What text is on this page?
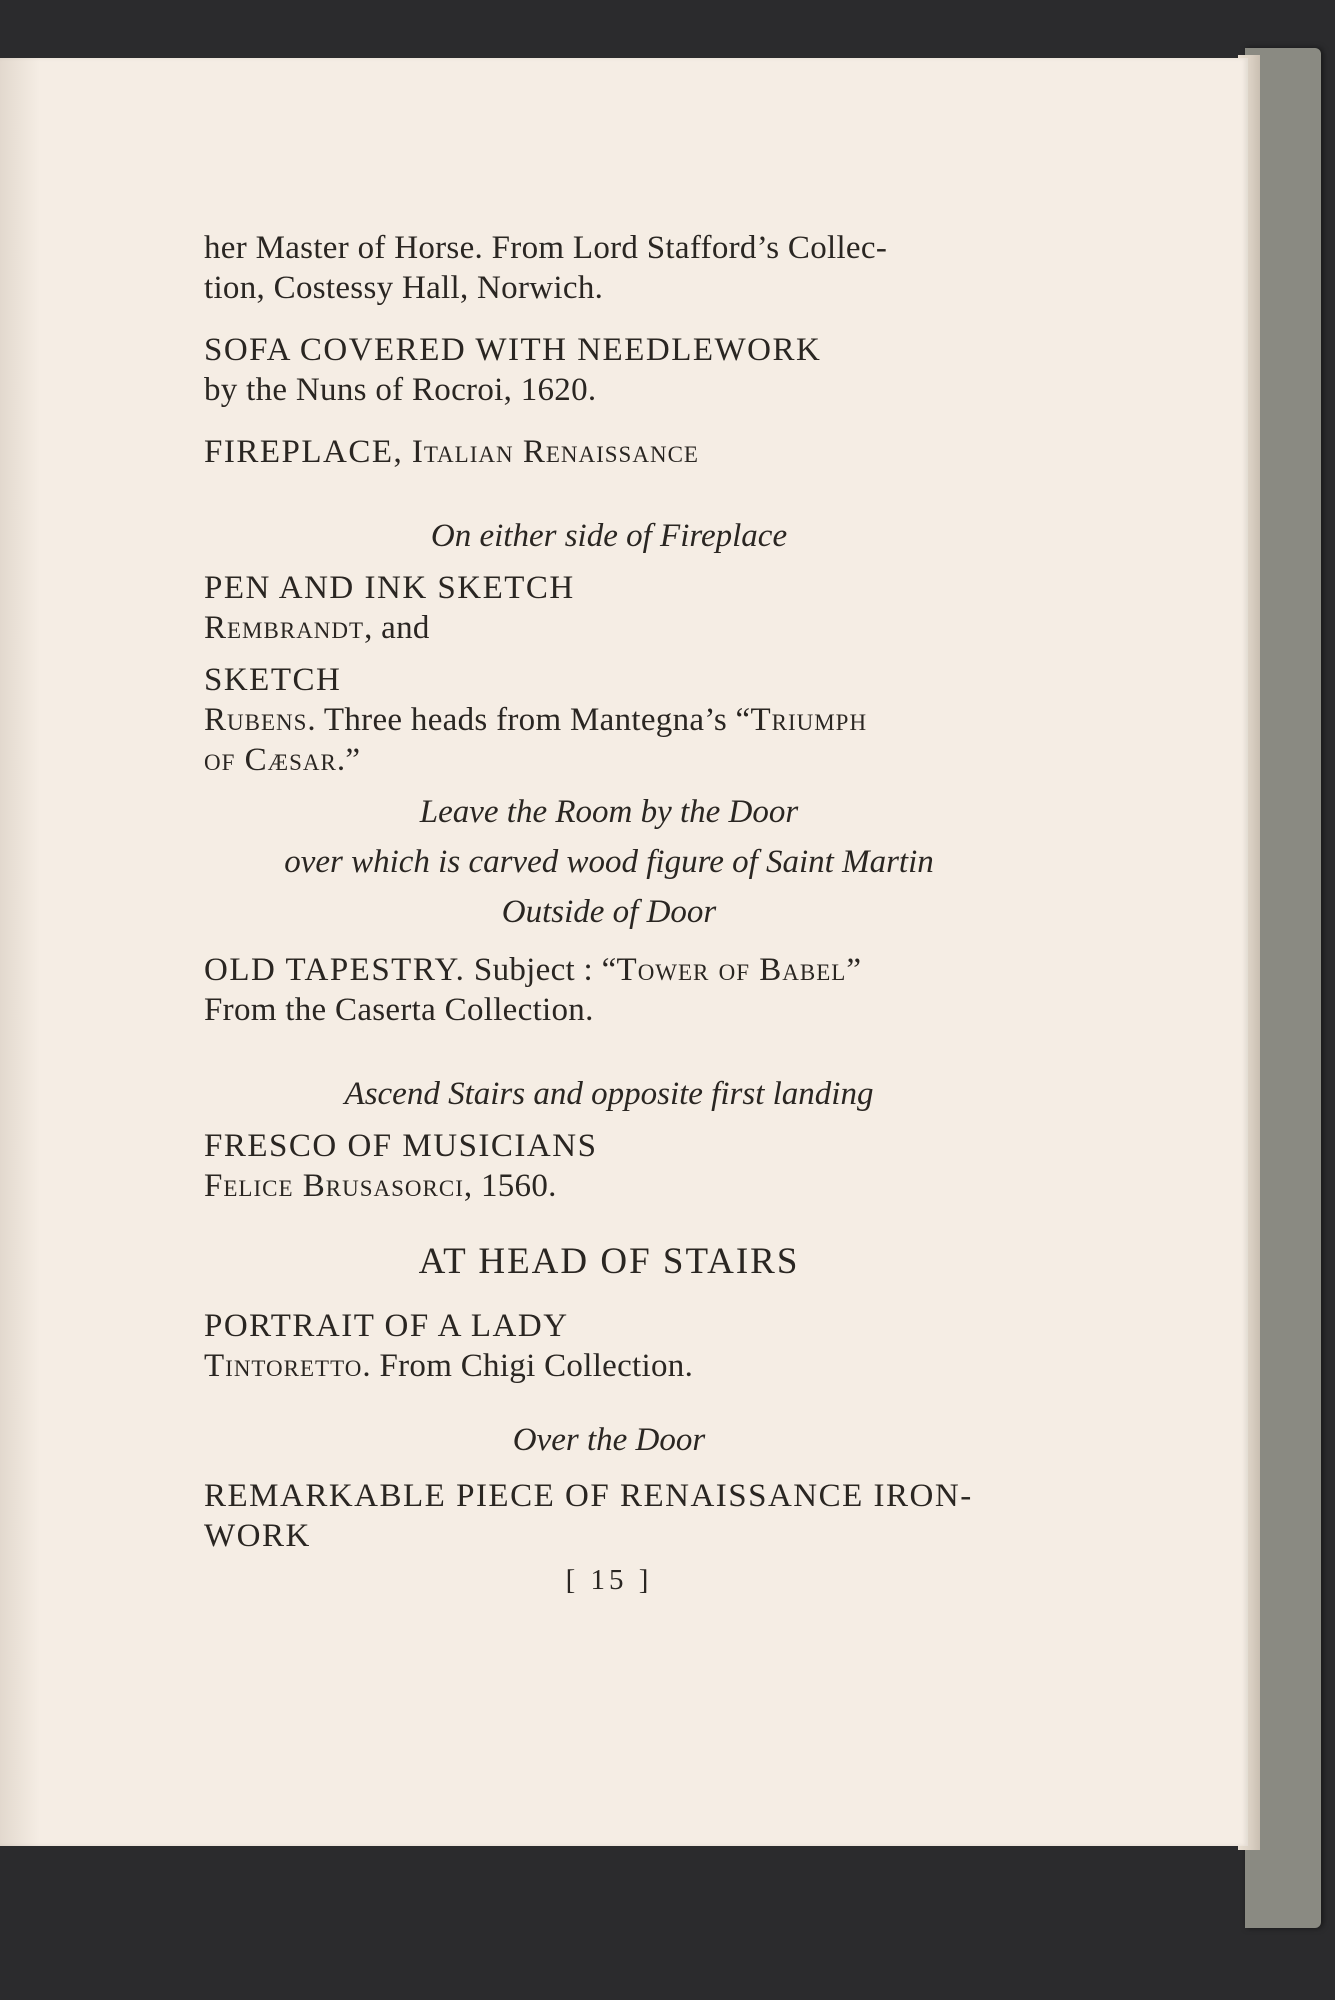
her Master of Horse. From Lord Stafford’s Collec-

tion, Costessy Hall, Norwich.

SOFA COVERED WITH NEEDLEWORK

by the Nuns of Rocroi, 1620.

FIREPLACE, Italian Renaissance

On either side of Fireplace

PEN AND INK SKETCH

Rembrandt, and

SKETCH

Rubens. Three heads from Mantegna’s “Triumph

of Cæsar.”

Leave the Room by the Door

over which is carved wood figure of Saint Martin

Outside of Door

OLD TAPESTRY. Subject : “Tower of Babel”

From the Caserta Collection.

Ascend Stairs and opposite first landing

FRESCO OF MUSICIANS

Felice Brusasorci, 1560.

AT HEAD OF STAIRS

PORTRAIT OF A LADY

Tintoretto. From Chigi Collection.

Over the Door

REMARKABLE PIECE OF RENAISSANCE IRON-

WORK

[ 15 ]
